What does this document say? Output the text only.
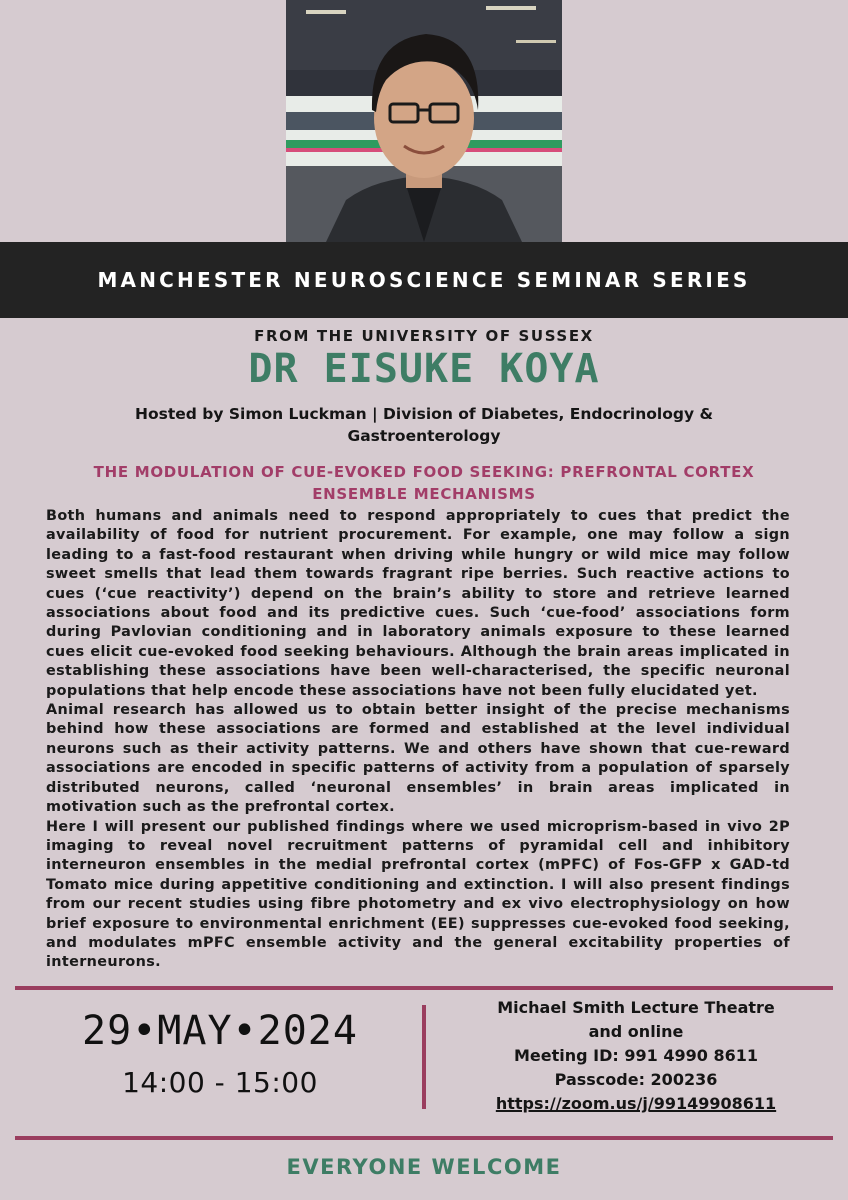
MANCHESTER NEUROSCIENCE SEMINAR SERIES
FROM THE UNIVERSITY OF SUSSEX
DR EISUKE KOYA
Hosted by Simon Luckman | Division of Diabetes, Endocrinology &
Gastroenterology
THE MODULATION OF CUE-EVOKED FOOD SEEKING: PREFRONTAL CORTEX
ENSEMBLE MECHANISMS

Both humans and animals need to respond appropriately to cues that predict the availability of food for nutrient procurement. For example, one may follow a sign leading to a fast-food restaurant when driving while hungry or wild mice may follow sweet smells that lead them towards fragrant ripe berries. Such reactive actions to cues (‘cue reactivity’) depend on the brain’s ability to store and retrieve learned associations about food and its predictive cues. Such ‘cue-food’ associations form during Pavlovian conditioning and in laboratory animals exposure to these learned cues elicit cue-evoked food seeking behaviours. Although the brain areas implicated in establishing these associations have been well-characterised, the specific neuronal populations that help encode these associations have not been fully elucidated yet.

Animal research has allowed us to obtain better insight of the precise mechanisms behind how these associations are formed and established at the level individual neurons such as their activity patterns. We and others have shown that cue-reward associations are encoded in specific patterns of activity from a population of sparsely distributed neurons, called ‘neuronal ensembles’ in brain areas implicated in motivation such as the prefrontal cortex.

Here I will present our published findings where we used microprism-based in vivo 2P imaging to reveal novel recruitment patterns of pyramidal cell and inhibitory interneuron ensembles in the medial prefrontal cortex (mPFC) of Fos-GFP x GAD-td Tomato mice during appetitive conditioning and extinction. I will also present findings from our recent studies using fibre photometry and ex vivo electrophysiology on how brief exposure to environmental enrichment (EE) suppresses cue-evoked food seeking, and modulates mPFC ensemble activity and the general excitability properties of interneurons.

29•MAY•2024
14:00 - 15:00
Michael Smith Lecture Theatre
and online
Meeting ID: 991 4990 8611
Passcode: 200236
https://zoom.us/j/99149908611
EVERYONE WELCOME
